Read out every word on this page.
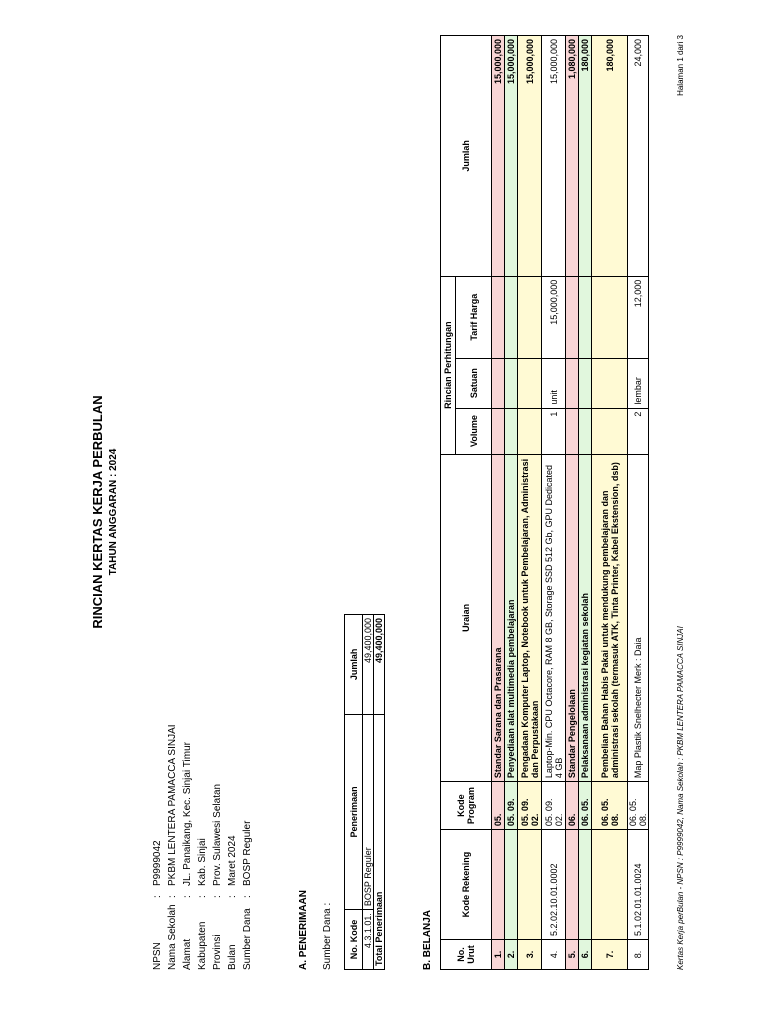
RINCIAN KERTAS KERJA PERBULAN TAHUN ANGGARAN : 2024
NPSN
:
P9999042
Nama Sekolah
:
PKBM LENTERA PAMACCA SINJAI
Alamat
:
JL. Panaikang, Kec. Sinjai Timur
Kabupaten
:
Kab. Sinjai
Provinsi
:
Prov. Sulawesi Selatan
Bulan
:
Maret 2024
Sumber Dana
:
BOSP Reguler
A. PENERIMAAN Sumber Dana : No. Kode	Penerimaan	Jumlah
4.3.1.01.	BOSP Reguler	49,400,000
Total Penerimaan		49,400,000
B. BELANJA	No. Urut	Kode Rekening	Kode Program	Uraian	Rincian Perhitungan			Jumlah
				Volume	Satuan	Tarif Harga	
1.		05.	Standar Sarana dan Prasarana				15,000,000
2.		05. 09.	Penyediaan alat multimedia pembelajaran				15,000,000
3.		05. 09. 02.	Pengadaan Komputer Laptop, Notebook untuk Pembelajaran, Administrasi dan Perpustakaan				15,000,000
4.	5.2.02.10.01.0002	05. 09. 02.	Laptop-Min. CPU Octacore, RAM 8 GB, Storage SSD 512 Gb, GPU Dedicated 4 GB	1	unit	15,000,000	15,000,000
5.		06.	Standar Pengelolaan				1,080,000
6.		06. 05.	Pelaksanaan administrasi kegiatan sekolah				180,000
7.		06. 05. 08.	Pembelian Bahan Habis Pakai untuk mendukung pembelajaran dan administrasi sekolah (termasuk ATK, Tinta Printer, Kabel Ekstension, dsb)				180,000
8.	5.1.02.01.01.0024	06. 05. 08.	Map Plastik Snelhecter Merk : Daia	2	lembar	12,000	24,000
Kertas Kerja perBulan - NPSN : P9999042, Nama Sekolah : PKBM LENTERA PAMACCA SINJAI
Halaman 1 dari 3
